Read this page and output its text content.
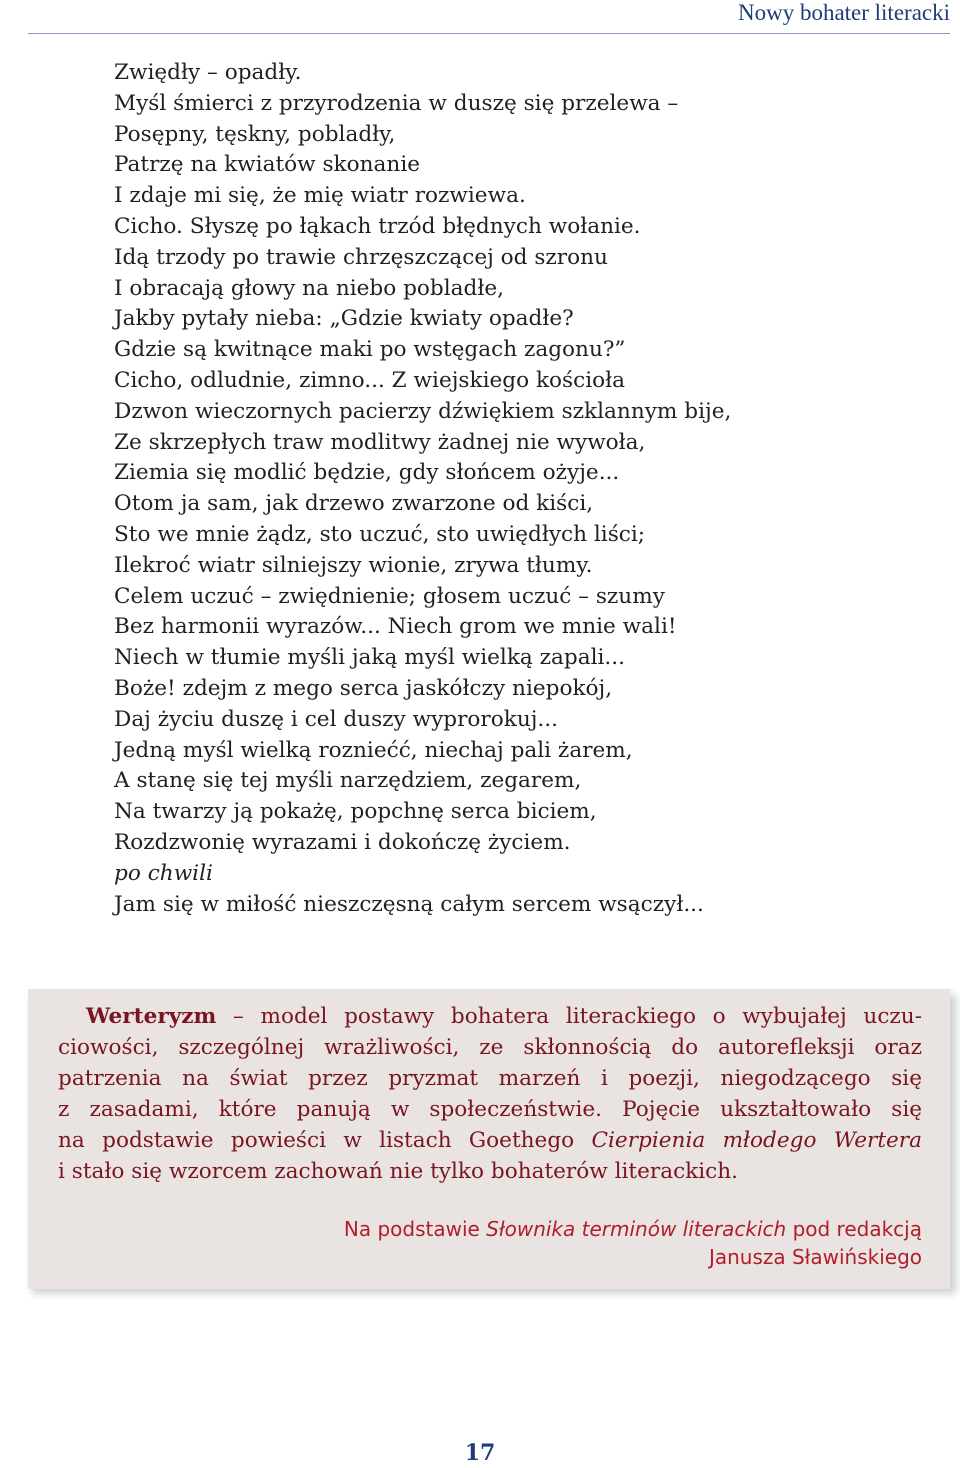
Nowy bohater literacki
Zwiędły – opadły.
Myśl śmierci z przyrodzenia w duszę się przelewa –
Posępny, tęskny, pobladły,
Patrzę na kwiatów skonanie
I zdaje mi się, że mię wiatr rozwiewa.
Cicho. Słyszę po łąkach trzód błędnych wołanie.
Idą trzody po trawie chrzęszczącej od szronu
I obracają głowy na niebo pobladłe,
Jakby pytały nieba: „Gdzie kwiaty opadłe?
Gdzie są kwitnące maki po wstęgach zagonu?”
Cicho, odludnie, zimno... Z wiejskiego kościoła
Dzwon wieczornych pacierzy dźwiękiem szklannym bije,
Ze skrzepłych traw modlitwy żadnej nie wywoła,
Ziemia się modlić będzie, gdy słońcem ożyje...
Otom ja sam, jak drzewo zwarzone od kiści,
Sto we mnie żądz, sto uczuć, sto uwiędłych liści;
Ilekroć wiatr silniejszy wionie, zrywa tłumy.
Celem uczuć – zwiędnienie; głosem uczuć – szumy
Bez harmonii wyrazów... Niech grom we mnie wali!
Niech w tłumie myśli jaką myśl wielką zapali...
Boże! zdejm z mego serca jaskółczy niepokój,
Daj życiu duszę i cel duszy wyprorokuj...
Jedną myśl wielką rozniećć, niechaj pali żarem,
A stanę się tej myśli narzędziem, zegarem,
Na twarzy ją pokażę, popchnę serca biciem,
Rozdzwonię wyrazami i dokończę życiem.
po chwili
Jam się w miłość nieszczęsną całym sercem wsączył...
Werteryzm – model postawy bohatera literackiego o wybujałej uczu-
ciowości, szczególnej wrażliwości, ze skłonnością do autorefleksji oraz
patrzenia na świat przez pryzmat marzeń i poezji, niegodzącego się
z zasadami, które panują w społeczeństwie. Pojęcie ukształtowało się
na podstawie powieści w listach Goethego Cierpienia młodego Wertera
i stało się wzorcem zachowań nie tylko bohaterów literackich.
Na podstawie Słownika terminów literackich pod redakcją
Janusza Sławińskiego
17
